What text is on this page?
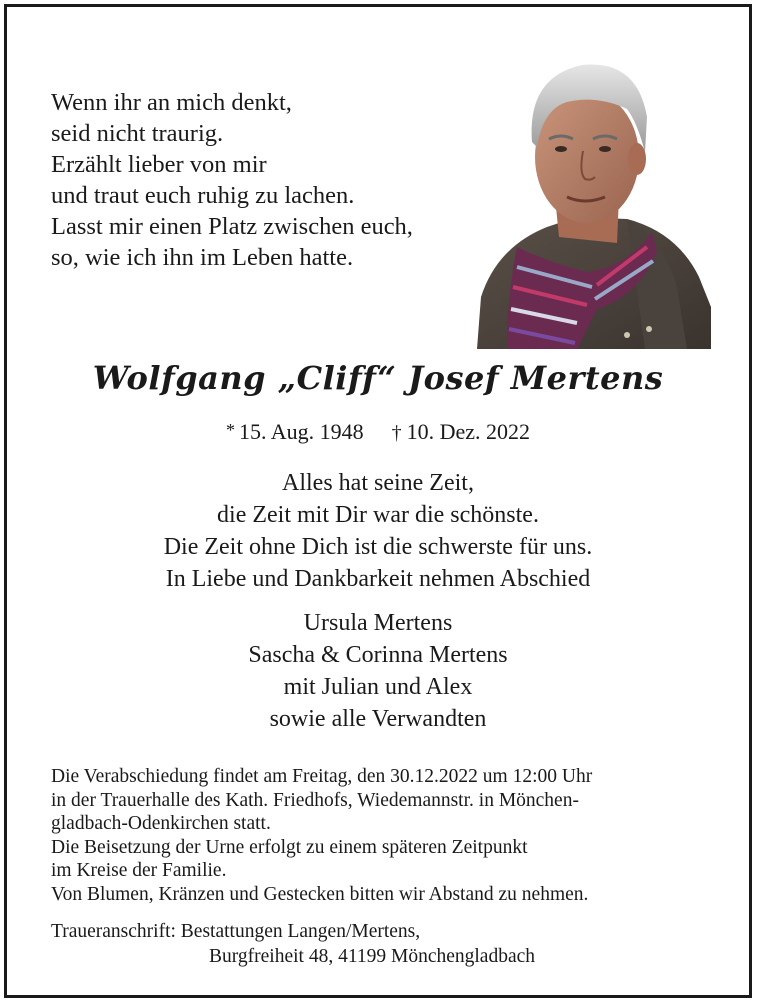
Wenn ihr an mich denkt,
seid nicht traurig.
Erzählt lieber von mir
und traut euch ruhig zu lachen.
Lasst mir einen Platz zwischen euch,
so, wie ich ihn im Leben hatte.
Wolfgang „Cliff“ Josef Mertens
* 15. Aug. 1948 † 10. Dez. 2022
Alles hat seine Zeit,
die Zeit mit Dir war die schönste.
Die Zeit ohne Dich ist die schwerste für uns.
In Liebe und Dankbarkeit nehmen Abschied
Ursula Mertens
Sascha & Corinna Mertens
mit Julian und Alex
sowie alle Verwandten
Die Verabschiedung findet am Freitag, den 30.12.2022 um 12:00 Uhr
in der Trauerhalle des Kath. Friedhofs, Wiedemannstr. in Mönchen-
gladbach-Odenkirchen statt.
Die Beisetzung der Urne erfolgt zu einem späteren Zeitpunkt
im Kreise der Familie.
Von Blumen, Kränzen und Gestecken bitten wir Abstand zu nehmen.
Traueranschrift: Bestattungen Langen/Mertens,
Burgfreiheit 48, 41199 Mönchengladbach
